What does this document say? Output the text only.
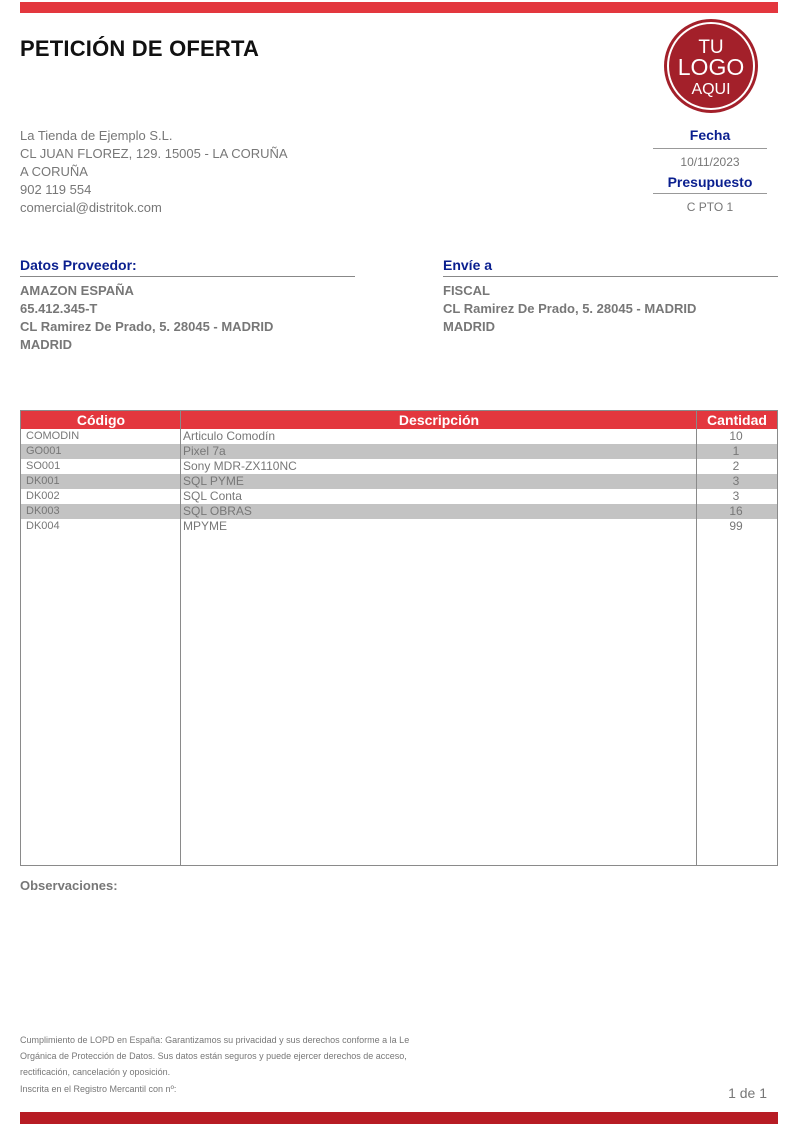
PETICIÓN DE OFERTA	TU
LOGO
AQUI
La Tienda de Ejemplo S.L.
CL JUAN FLOREZ, 129. 15005 - LA CORUÑA
A CORUÑA
902 119 554
comercial@distritok.com
Fecha
10/11/2023
Presupuesto
C PTO 1
Datos Proveedor:
AMAZON ESPAÑA
65.412.345-T
CL Ramirez De Prado, 5. 28045 - MADRID
MADRID
Envíe a
FISCAL
CL Ramirez De Prado, 5. 28045 - MADRID
MADRID
Código	Descripción	Cantidad
COMODIN	Articulo Comodín	10
GO001	Pixel 7a	1
SO001	Sony MDR-ZX110NC	2
DK001	SQL PYME	3
DK002	SQL Conta	3
DK003	SQL OBRAS	16
DK004	MPYME	99
Observaciones:
Cumplimiento de LOPD en España: Garantizamos su privacidad y sus derechos conforme a la Le
Orgánica de Protección de Datos. Sus datos están seguros y puede ejercer derechos de acceso,
rectificación, cancelación y oposición.
Inscrita en el Registro Mercantil con nº:	1 de 1
